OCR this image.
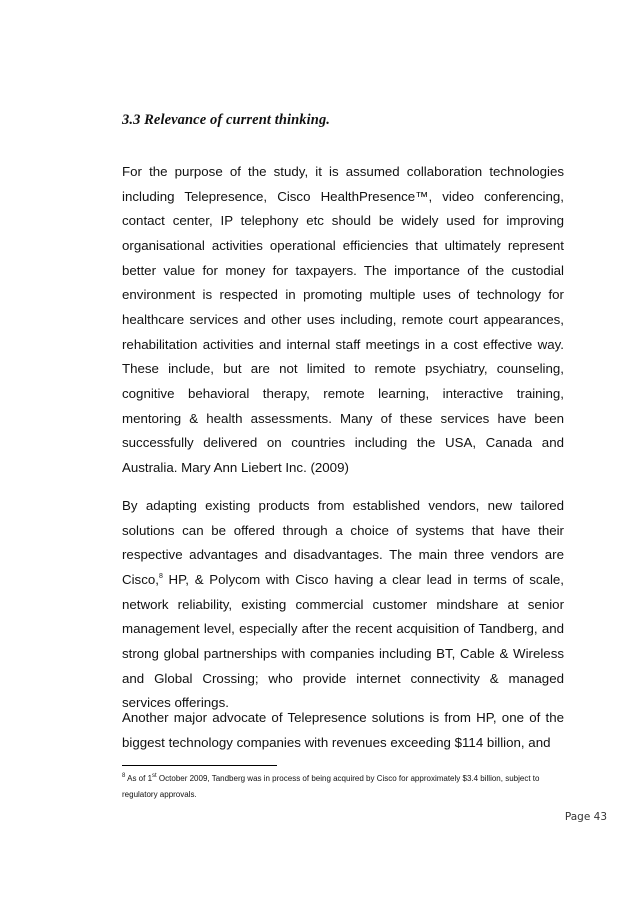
3.3 Relevance of current thinking.

For the purpose of the study, it is assumed collaboration technologies including Telepresence, Cisco HealthPresence™, video conferencing, contact center, IP telephony etc should be widely used for improving organisational activities operational efficiencies that ultimately represent better value for money for taxpayers. The importance of the custodial environment is respected in promoting multiple uses of technology for healthcare services and other uses including, remote court appearances, rehabilitation activities and internal staff meetings in a cost effective way. These include, but are not limited to remote psychiatry, counseling, cognitive behavioral therapy, remote learning, interactive training, mentoring & health assessments. Many of these services have been successfully delivered on countries including the USA, Canada and Australia. Mary Ann Liebert Inc. (2009)

By adapting existing products from established vendors, new tailored solutions can be offered through a choice of systems that have their respective advantages and disadvantages. The main three vendors are Cisco,$^8$ HP, & Polycom with Cisco having a clear lead in terms of scale, network reliability, existing commercial customer mindshare at senior management level, especially after the recent acquisition of Tandberg, and strong global partnerships with companies including BT, Cable & Wireless and Global Crossing; who provide internet connectivity & managed services offerings.

Another major advocate of Telepresence solutions is from HP, one of the biggest technology companies with revenues exceeding $114 billion, and

$^8$ As of 1st October 2009, Tandberg was in process of being acquired by Cisco for approximately $3.4 billion, subject to regulatory approvals.

Page 43
